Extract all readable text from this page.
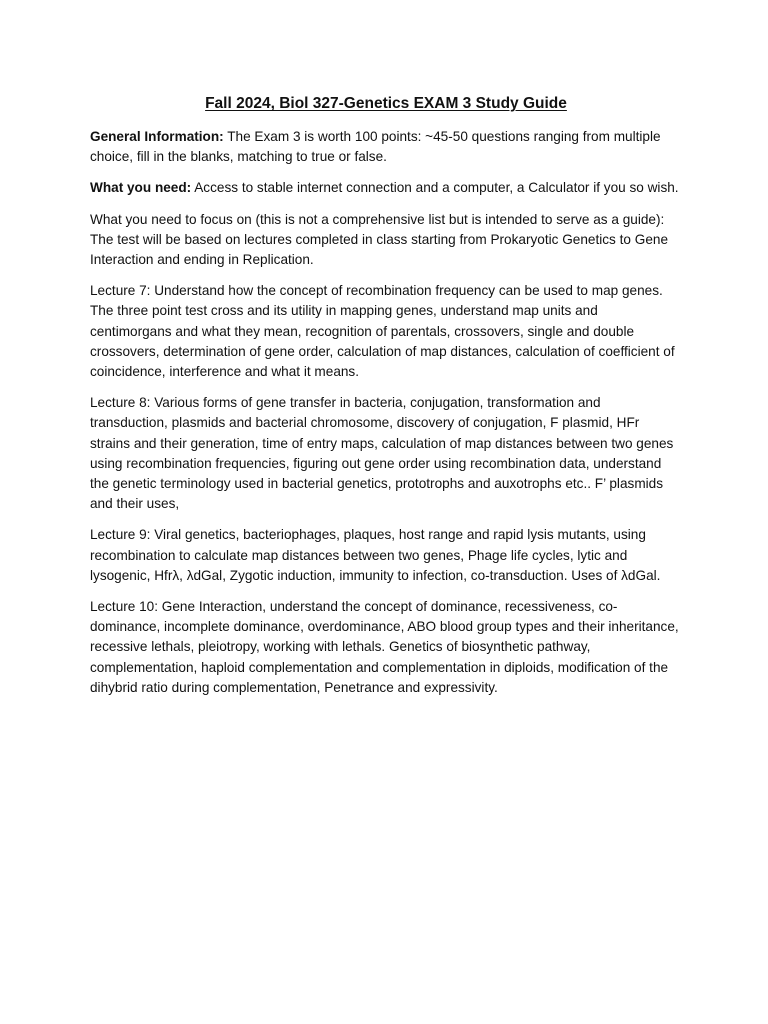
Fall 2024, Biol 327-Genetics EXAM 3 Study Guide

General Information: The Exam 3 is worth 100 points: ~45-50 questions ranging from multiple choice, fill in the blanks, matching to true or false.

What you need: Access to stable internet connection and a computer, a Calculator if you so wish.

What you need to focus on (this is not a comprehensive list but is intended to serve as a guide): The test will be based on lectures completed in class starting from Prokaryotic Genetics to Gene Interaction and ending in Replication.

Lecture 7: Understand how the concept of recombination frequency can be used to map genes. The three point test cross and its utility in mapping genes, understand map units and centimorgans and what they mean, recognition of parentals, crossovers, single and double crossovers, determination of gene order, calculation of map distances, calculation of coefficient of coincidence, interference and what it means.

Lecture 8: Various forms of gene transfer in bacteria, conjugation, transformation and transduction, plasmids and bacterial chromosome, discovery of conjugation, F plasmid, HFr strains and their generation, time of entry maps, calculation of map distances between two genes using recombination frequencies, figuring out gene order using recombination data, understand the genetic terminology used in bacterial genetics, prototrophs and auxotrophs etc.. F’ plasmids and their uses,

Lecture 9: Viral genetics, bacteriophages, plaques, host range and rapid lysis mutants, using recombination to calculate map distances between two genes, Phage life cycles, lytic and lysogenic, Hfrλ, λdGal, Zygotic induction, immunity to infection, co-transduction. Uses of λdGal.

Lecture 10: Gene Interaction, understand the concept of dominance, recessiveness, co-dominance, incomplete dominance, overdominance, ABO blood group types and their inheritance, recessive lethals, pleiotropy, working with lethals. Genetics of biosynthetic pathway, complementation, haploid complementation and complementation in diploids, modification of the dihybrid ratio during complementation, Penetrance and expressivity.
